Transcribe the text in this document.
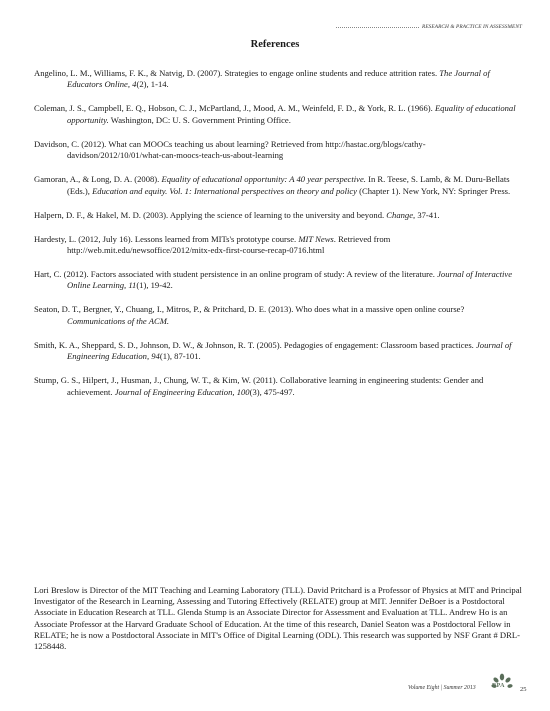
RESEARCH & PRACTICE IN ASSESSMENT
References
Angelino, L. M., Williams, F. K., & Natvig, D. (2007). Strategies to engage online students and reduce attrition rates. The Journal of Educators Online, 4(2), 1-14.
Coleman, J. S., Campbell, E. Q., Hobson, C. J., McPartland, J., Mood, A. M., Weinfeld, F. D., & York, R. L. (1966). Equality of educational opportunity. Washington, DC: U. S. Government Printing Office.
Davidson, C. (2012). What can MOOCs teaching us about learning? Retrieved from http://hastac.org/blogs/cathy-davidson/2012/10/01/what-can-moocs-teach-us-about-learning
Gamoran, A., & Long, D. A. (2008). Equality of educational opportunity: A 40 year perspective. In R. Teese, S. Lamb, & M. Duru-Bellats (Eds.), Education and equity. Vol. 1: International perspectives on theory and policy (Chapter 1). New York, NY: Springer Press.
Halpern, D. F., & Hakel, M. D. (2003). Applying the science of learning to the university and beyond. Change, 37-41.
Hardesty, L. (2012, July 16). Lessons learned from MITs's prototype course. MIT News. Retrieved from http://web.mit.edu/newsoffice/2012/mitx-edx-first-course-recap-0716.html
Hart, C. (2012). Factors associated with student persistence in an online program of study: A review of the literature. Journal of Interactive Online Learning, 11(1), 19-42.
Seaton, D. T., Bergner, Y., Chuang, I., Mitros, P., & Pritchard, D. E. (2013). Who does what in a massive open online course? Communications of the ACM.
Smith, K. A., Sheppard, S. D., Johnson, D. W., & Johnson, R. T. (2005). Pedagogies of engagement: Classroom based practices. Journal of Engineering Education, 94(1), 87-101.
Stump, G. S., Hilpert, J., Husman, J., Chung, W. T., & Kim, W. (2011). Collaborative learning in engineering students: Gender and achievement. Journal of Engineering Education, 100(3), 475-497.
Lori Breslow is Director of the MIT Teaching and Learning Laboratory (TLL). David Pritchard is a Professor of Physics at MIT and Principal Investigator of the Research in Learning, Assessing and Tutoring Effectively (RELATE) group at MIT. Jennifer DeBoer is a Postdoctoral Associate in Education Research at TLL. Glenda Stump is an Associate Director for Assessment and Evaluation at TLL. Andrew Ho is an Associate Professor at the Harvard Graduate School of Education. At the time of this research, Daniel Seaton was a Postdoctoral Fellow in RELATE; he is now a Postdoctoral Associate in MIT's Office of Digital Learning (ODL). This research was supported by NSF Grant # DRL-1258448.
Volume Eight | Summer 2013	RPA 25
